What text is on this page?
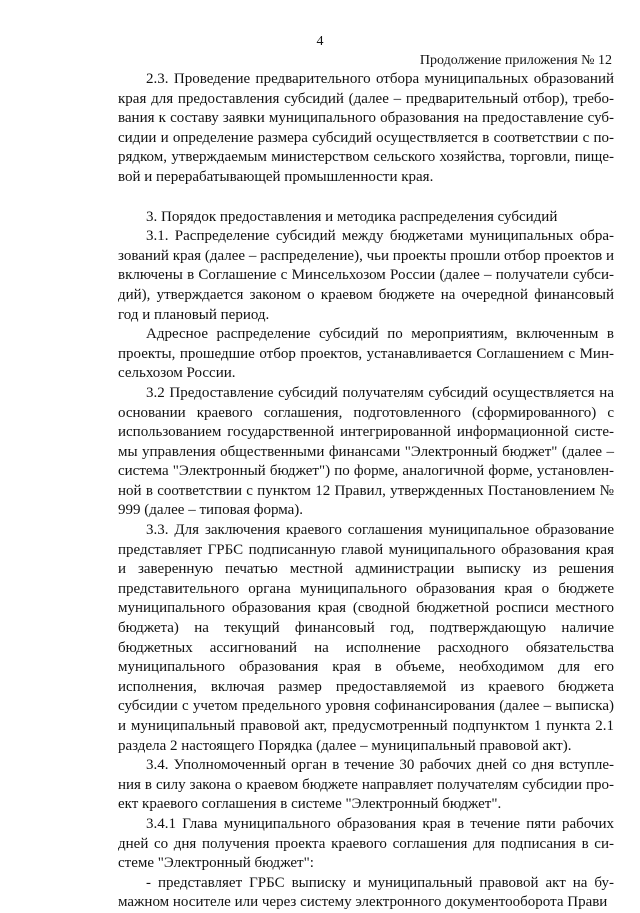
4
Продолжение приложения № 12

2.3. Проведение предварительного отбора муниципальных образований края для предоставления субсидий (далее – предварительный отбор), требования к составу заявки муниципального образования на предоставление субсидии и определение размера субсидий осуществляется в соответствии с порядком, утверждаемым министерством сельского хозяйства, торговли, пищевой и перерабатывающей промышленности края.

3. Порядок предоставления и методика распределения субсидий

3.1. Распределение субсидий между бюджетами муниципальных образований края (далее – распределение), чьи проекты прошли отбор проектов и включены в Соглашение с Минсельхозом России (далее – получатели субсидий), утверждается законом о краевом бюджете на очередной финансовый год и плановый период.

Адресное распределение субсидий по мероприятиям, включенным в проекты, прошедшие отбор проектов, устанавливается Соглашением с Минсельхозом России.

3.2 Предоставление субсидий получателям субсидий осуществляется на основании краевого соглашения, подготовленного (сформированного) с использованием государственной интегрированной информационной системы управления общественными финансами "Электронный бюджет" (далее – система "Электронный бюджет") по форме, аналогичной форме, установленной в соответствии с пунктом 12 Правил, утвержденных Постановлением № 999 (далее – типовая форма).

3.3. Для заключения краевого соглашения муниципальное образование представляет ГРБС подписанную главой муниципального образования края и заверенную печатью местной администрации выписку из решения представительного органа муниципального образования края о бюджете муниципального образования края (сводной бюджетной росписи местного бюджета) на текущий финансовый год, подтверждающую наличие бюджетных ассигнований на исполнение расходного обязательства муниципального образования края в объеме, необходимом для его исполнения, включая размер предоставляемой из краевого бюджета субсидии с учетом предельного уровня софинансирования (далее – выписка) и муниципальный правовой акт, предусмотренный подпунктом 1 пункта 2.1 раздела 2 настоящего Порядка (далее – муниципальный правовой акт).

3.4. Уполномоченный орган в течение 30 рабочих дней со дня вступления в силу закона о краевом бюджете направляет получателям субсидии проект краевого соглашения в системе "Электронный бюджет".

3.4.1 Глава муниципального образования края в течение пяти рабочих дней со дня получения проекта краевого соглашения для подписания в системе "Электронный бюджет":

- представляет ГРБС выписку и муниципальный правовой акт на бумажном носителе или через систему электронного документооборота Прави
